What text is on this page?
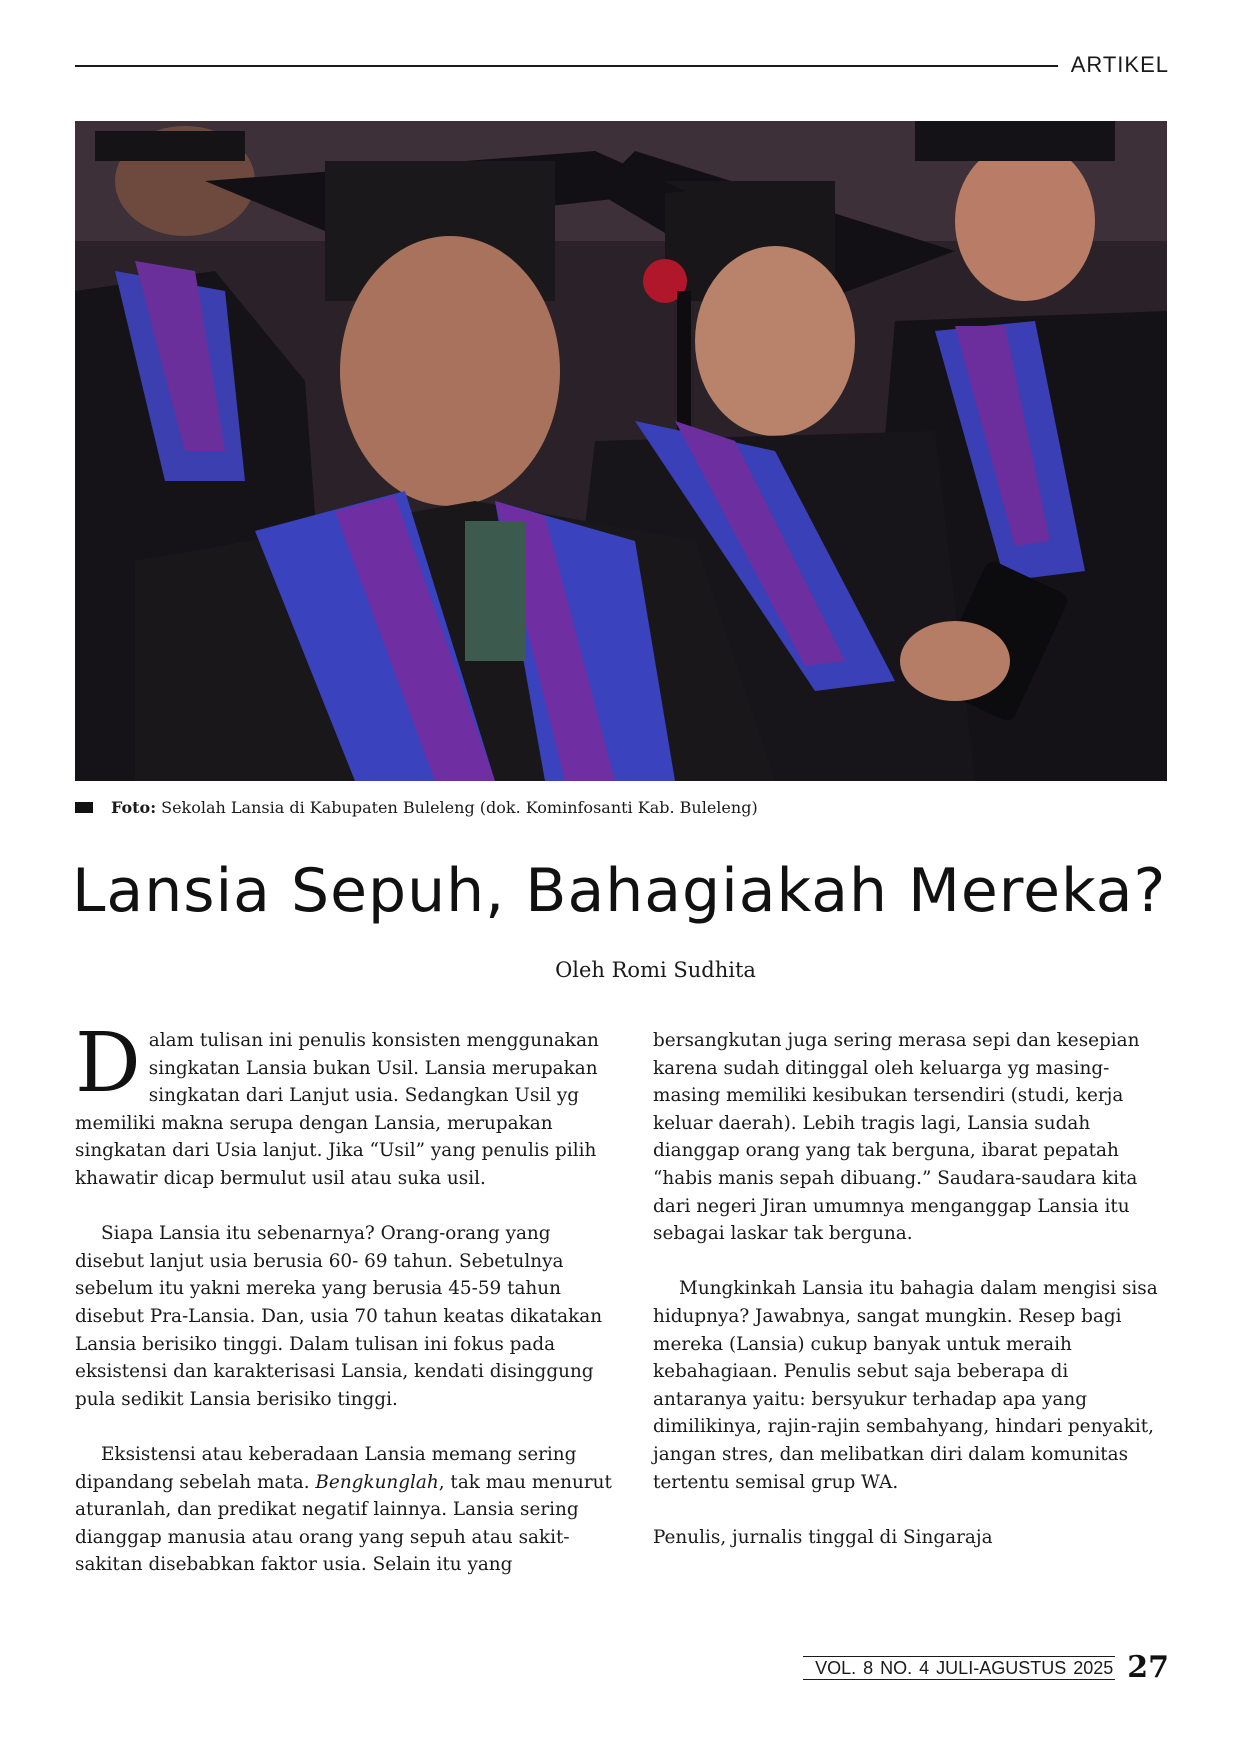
ARTIKEL
Foto: Sekolah Lansia di Kabupaten Buleleng (dok. Kominfosanti Kab. Buleleng)
Lansia Sepuh, Bahagiakah Mereka?
Oleh Romi Sudhita

Dalam tulisan ini penulis konsisten menggunakan singkatan Lansia bukan Usil. Lansia merupakan singkatan dari Lanjut usia. Sedangkan Usil yg memiliki makna serupa dengan Lansia, merupakan singkatan dari Usia lanjut. Jika “Usil” yang penulis pilih khawatir dicap bermulut usil atau suka usil.

Siapa Lansia itu sebenarnya? Orang-orang yang disebut lanjut usia berusia 60- 69 tahun. Sebetulnya sebelum itu yakni mereka yang berusia 45-59 tahun disebut Pra-Lansia. Dan, usia 70 tahun keatas dikatakan Lansia berisiko tinggi. Dalam tulisan ini fokus pada eksistensi dan karakterisasi Lansia, kendati disinggung pula sedikit Lansia berisiko tinggi.

Eksistensi atau keberadaan Lansia memang sering dipandang sebelah mata. Bengkunglah, tak mau menurut aturanlah, dan predikat negatif lainnya. Lansia sering dianggap manusia atau orang yang sepuh atau sakit-sakitan disebabkan faktor usia. Selain itu yang

bersangkutan juga sering merasa sepi dan kesepian karena sudah ditinggal oleh keluarga yg masing-masing memiliki kesibukan tersendiri (studi, kerja keluar daerah). Lebih tragis lagi, Lansia sudah dianggap orang yang tak berguna, ibarat pepatah “habis manis sepah dibuang.” Saudara-saudara kita dari negeri Jiran umumnya menganggap Lansia itu sebagai laskar tak berguna.

Mungkinkah Lansia itu bahagia dalam mengisi sisa hidupnya? Jawabnya, sangat mungkin. Resep bagi mereka (Lansia) cukup banyak untuk meraih kebahagiaan. Penulis sebut saja beberapa di antaranya yaitu: bersyukur terhadap apa yang dimilikinya, rajin-rajin sembahyang, hindari penyakit, jangan stres, dan melibatkan diri dalam komunitas tertentu semisal grup WA.

Penulis, jurnalis tinggal di Singaraja

VOL. 8 NO. 4 JULI-AGUSTUS 2025 27
